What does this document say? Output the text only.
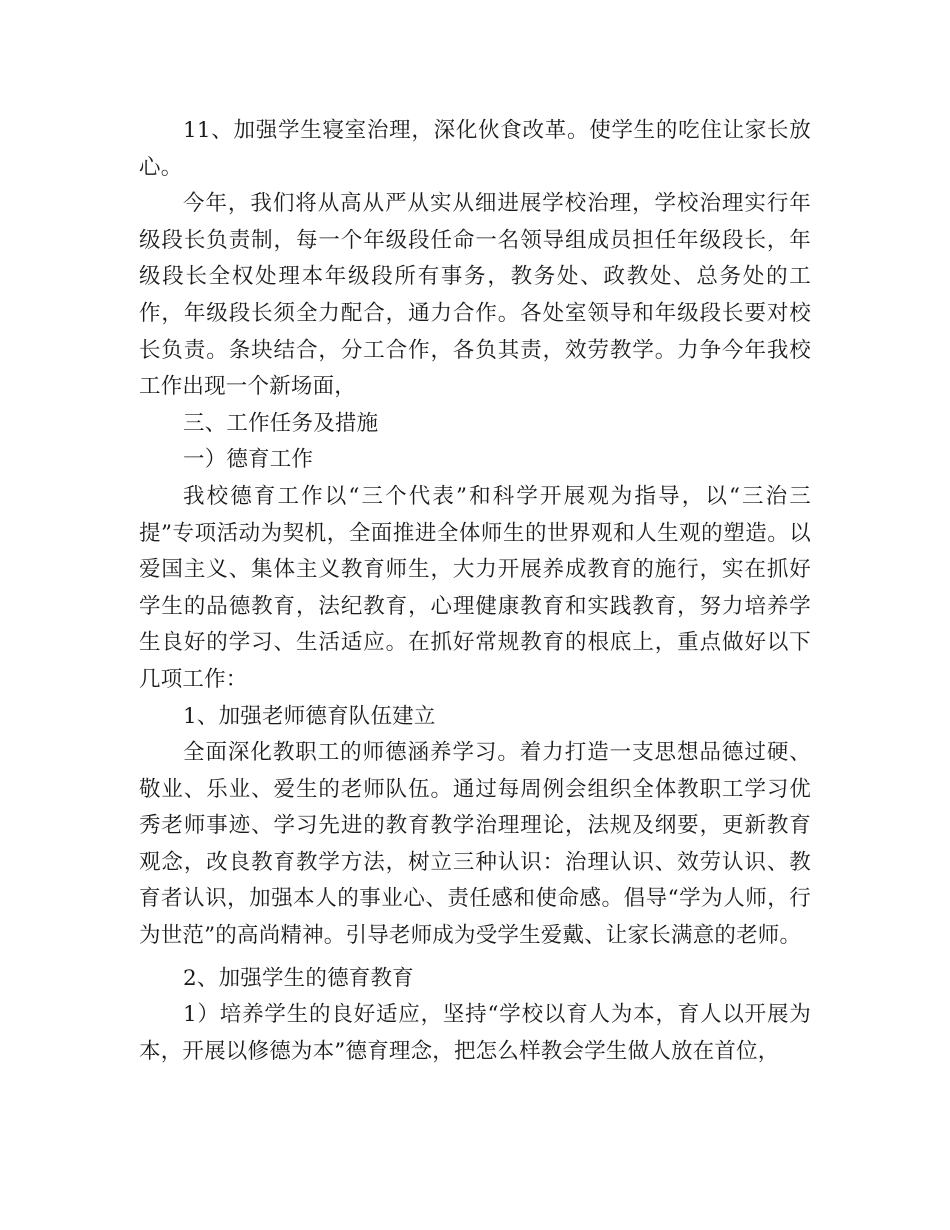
11、加强学生寝室治理，深化伙食改革。使学生的吃住让家长放心。

今年，我们将从高从严从实从细进展学校治理，学校治理实行年级段长负责制，每一个年级段任命一名领导组成员担任年级段长，年级段长全权处理本年级段所有事务，教务处、政教处、总务处的工作，年级段长须全力配合，通力合作。各处室领导和年级段长要对校长负责。条块结合，分工合作，各负其责，效劳教学。力争今年我校工作出现一个新场面，

三、工作任务及措施

一）德育工作

我校德育工作以“三个代表”和科学开展观为指导，以“三治三提”专项活动为契机，全面推进全体师生的世界观和人生观的塑造。以爱国主义、集体主义教育师生，大力开展养成教育的施行，实在抓好学生的品德教育，法纪教育，心理健康教育和实践教育，努力培养学生良好的学习、生活适应。在抓好常规教育的根底上，重点做好以下几项工作：

1、加强老师德育队伍建立

全面深化教职工的师德涵养学习。着力打造一支思想品德过硬、敬业、乐业、爱生的老师队伍。通过每周例会组织全体教职工学习优秀老师事迹、学习先进的教育教学治理理论，法规及纲要，更新教育观念，改良教育教学方法，树立三种认识：治理认识、效劳认识、教育者认识，加强本人的事业心、责任感和使命感。倡导“学为人师，行为世范”的高尚精神。引导老师成为受学生爱戴、让家长满意的老师。

2、加强学生的德育教育

1）培养学生的良好适应，坚持“学校以育人为本，育人以开展为本，开展以修德为本”德育理念，把怎么样教会学生做人放在首位，
